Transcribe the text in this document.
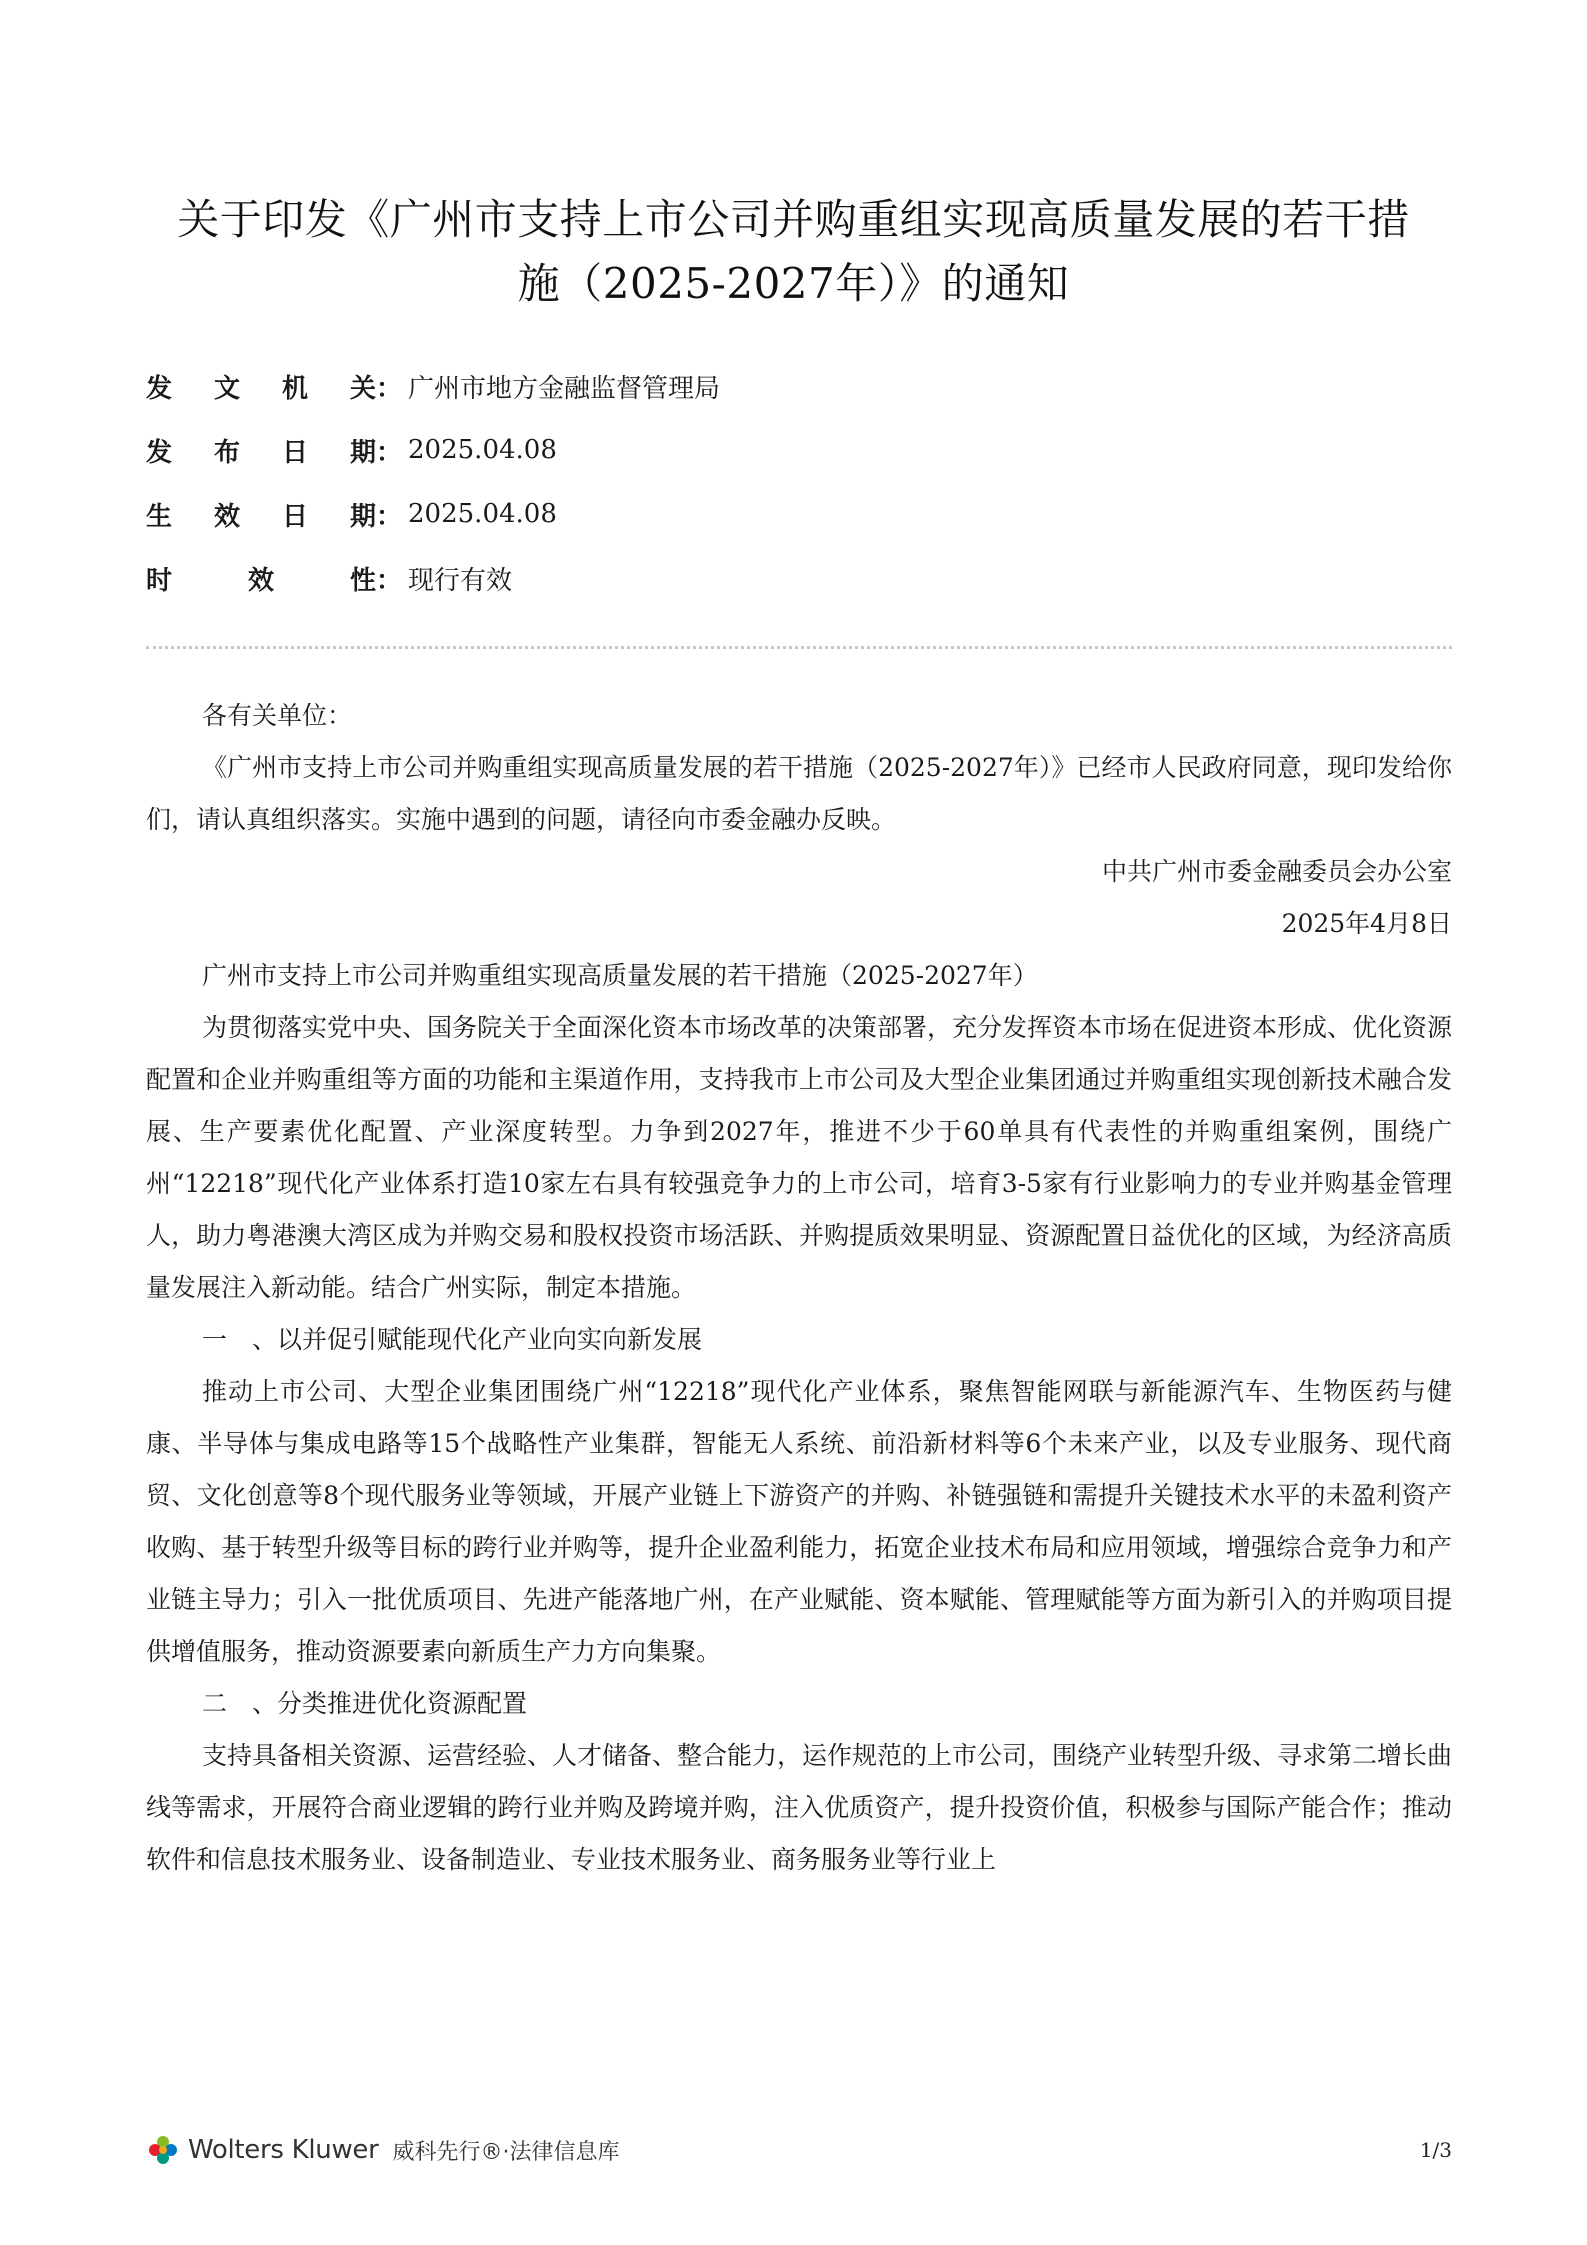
关于印发《广州市支持上市公司并购重组实现高质量发展的若干措
施（2025-2027年）》的通知
发 文 机 关 ： 广州市地方金融监督管理局
发 布 日 期 ： 2025.04.08
生 效 日 期 ： 2025.04.08
时	效	性 ： 现行有效

各有关单位：

《广州市支持上市公司并购重组实现高质量发展的若干措施（2025-2027年）》已经市人民政府同意，现印发给你们，请认真组织落实。实施中遇到的问题，请径向市委金融办反映。

中共广州市委金融委员会办公室

2025年4月8日

广州市支持上市公司并购重组实现高质量发展的若干措施（2025-2027年）

为贯彻落实党中央、国务院关于全面深化资本市场改革的决策部署，充分发挥资本市场在促进资本形成、优化资源配置和企业并购重组等方面的功能和主渠道作用，支持我市上市公司及大型企业集团通过并购重组实现创新技术融合发展、生产要素优化配置、产业深度转型。力争到2027年，推进不少于60单具有代表性的并购重组案例，围绕广州“12218”现代化产业体系打造10家左右具有较强竞争力的上市公司，培育3-5家有行业影响力的专业并购基金管理人，助力粤港澳大湾区成为并购交易和股权投资市场活跃、并购提质效果明显、资源配置日益优化的区域，为经济高质量发展注入新动能。结合广州实际，制定本措施。

一　、以并促引赋能现代化产业向实向新发展

推动上市公司、大型企业集团围绕广州“12218”现代化产业体系，聚焦智能网联与新能源汽车、生物医药与健康、半导体与集成电路等15个战略性产业集群，智能无人系统、前沿新材料等6个未来产业，以及专业服务、现代商贸、文化创意等8个现代服务业等领域，开展产业链上下游资产的并购、补链强链和需提升关键技术水平的未盈利资产收购、基于转型升级等目标的跨行业并购等，提升企业盈利能力，拓宽企业技术布局和应用领域，增强综合竞争力和产业链主导力；引入一批优质项目、先进产能落地广州，在产业赋能、资本赋能、管理赋能等方面为新引入的并购项目提供增值服务，推动资源要素向新质生产力方向集聚。

二　、分类推进优化资源配置

支持具备相关资源、运营经验、人才储备、整合能力，运作规范的上市公司，围绕产业转型升级、寻求第二增长曲线等需求，开展符合商业逻辑的跨行业并购及跨境并购，注入优质资产，提升投资价值，积极参与国际产能合作；推动软件和信息技术服务业、设备制造业、专业技术服务业、商务服务业等行业上

Wolters Kluwer 威科先行®·法律信息库	1/3
